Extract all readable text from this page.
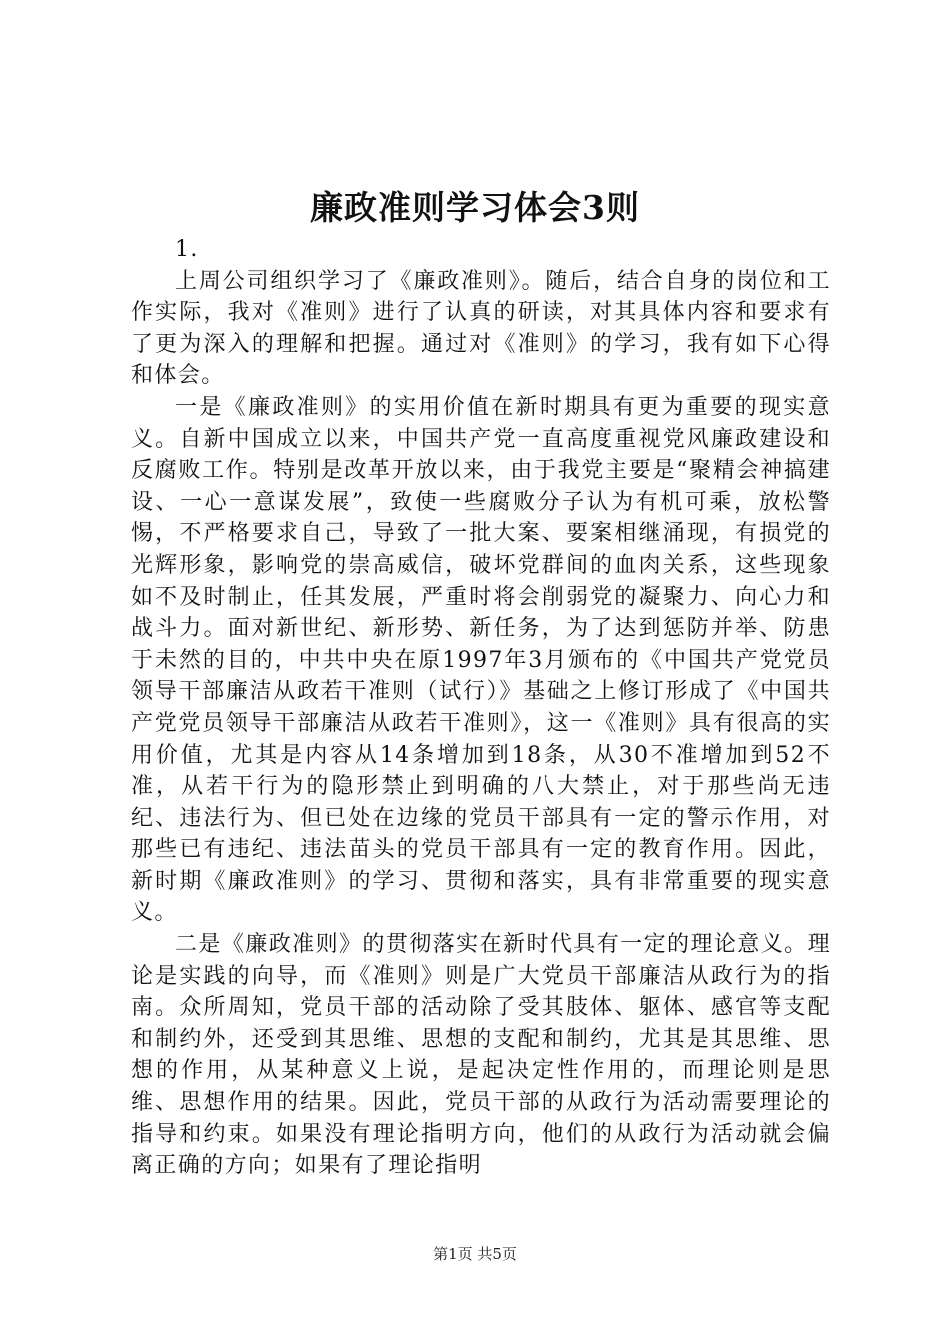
廉政准则学习体会3则

1.

上周公司组织学习了《廉政准则》。随后，结合自身的岗位和工作实际，我对《准则》进行了认真的研读，对其具体内容和要求有了更为深入的理解和把握。通过对《准则》的学习，我有如下心得和体会。

一是《廉政准则》的实用价值在新时期具有更为重要的现实意义。自新中国成立以来，中国共产党一直高度重视党风廉政建设和反腐败工作。特别是改革开放以来，由于我党主要是“聚精会神搞建设、一心一意谋发展”，致使一些腐败分子认为有机可乘，放松警惕，不严格要求自己，导致了一批大案、要案相继涌现，有损党的光辉形象，影响党的崇高威信，破坏党群间的血肉关系，这些现象如不及时制止，任其发展，严重时将会削弱党的凝聚力、向心力和战斗力。面对新世纪、新形势、新任务，为了达到惩防并举、防患于未然的目的，中共中央在原1997年3月颁布的《中国共产党党员领导干部廉洁从政若干准则（试行）》基础之上修订形成了《中国共产党党员领导干部廉洁从政若干准则》，这一《准则》具有很高的实用价值，尤其是内容从14条增加到18条，从30不准增加到52不准，从若干行为的隐形禁止到明确的八大禁止，对于那些尚无违纪、违法行为、但已处在边缘的党员干部具有一定的警示作用，对那些已有违纪、违法苗头的党员干部具有一定的教育作用。因此，新时期《廉政准则》的学习、贯彻和落实，具有非常重要的现实意义。

二是《廉政准则》的贯彻落实在新时代具有一定的理论意义。理论是实践的向导，而《准则》则是广大党员干部廉洁从政行为的指南。众所周知，党员干部的活动除了受其肢体、躯体、感官等支配和制约外，还受到其思维、思想的支配和制约，尤其是其思维、思想的作用，从某种意义上说，是起决定性作用的，而理论则是思维、思想作用的结果。因此，党员干部的从政行为活动需要理论的指导和约束。如果没有理论指明方向，他们的从政行为活动就会偏离正确的方向；如果有了理论指明

第1页 共5页
